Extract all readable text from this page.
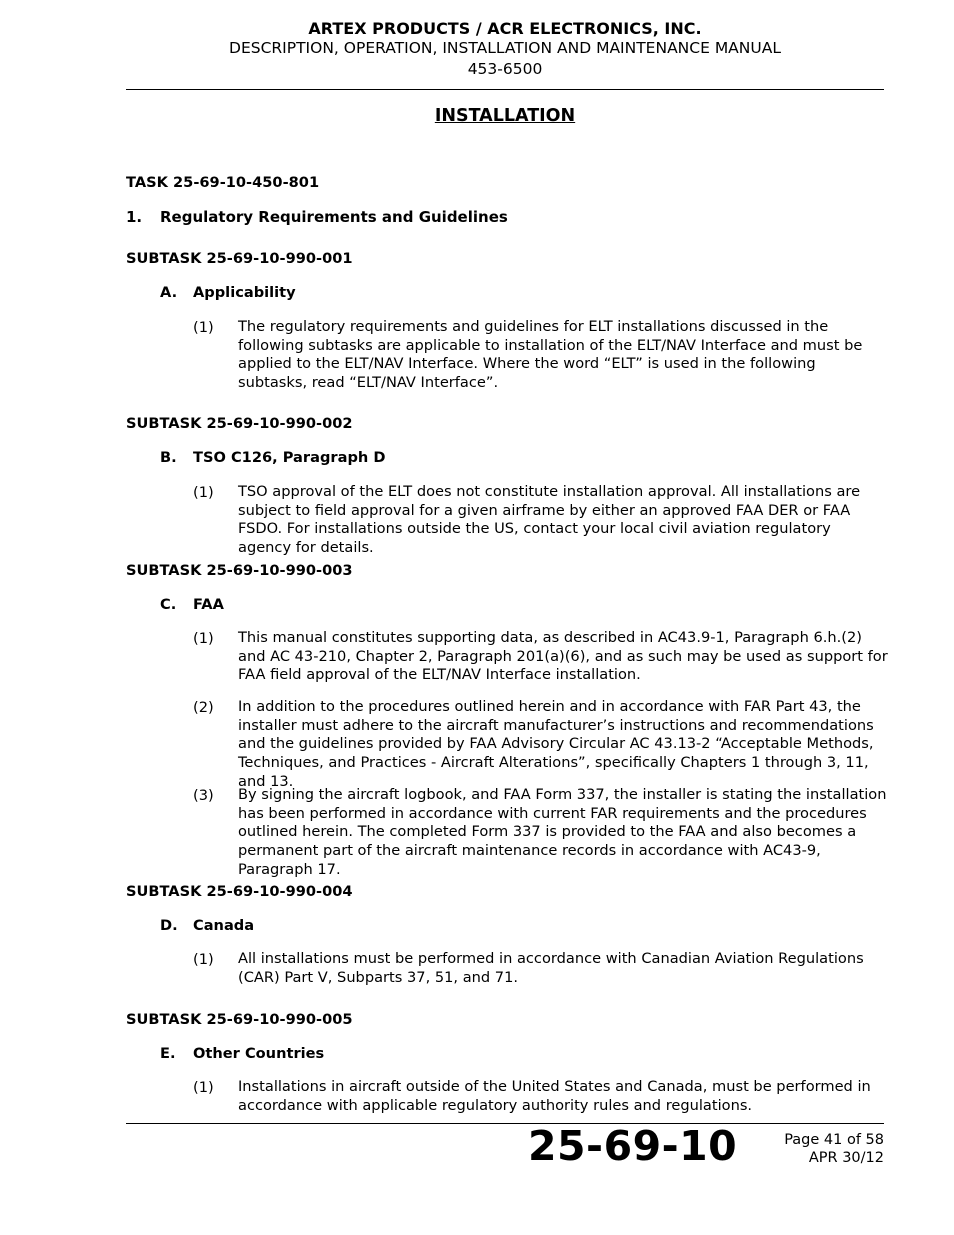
ARTEX PRODUCTS / ACR ELECTRONICS, INC.
DESCRIPTION, OPERATION, INSTALLATION AND MAINTENANCE MANUAL
453-6500
INSTALLATION
TASK 25-69-10-450-801
1. Regulatory Requirements and Guidelines
SUBTASK 25-69-10-990-001
A. Applicability
(1) The regulatory requirements and guidelines for ELT installations discussed in the following subtasks are applicable to installation of the ELT/NAV Interface and must be applied to the ELT/NAV Interface. Where the word “ELT” is used in the following subtasks, read “ELT/NAV Interface”.
SUBTASK 25-69-10-990-002
B. TSO C126, Paragraph D
(1) TSO approval of the ELT does not constitute installation approval. All installations are subject to field approval for a given airframe by either an approved FAA DER or FAA FSDO. For installations outside the US, contact your local civil aviation regulatory agency for details.
SUBTASK 25-69-10-990-003
C. FAA
(1) This manual constitutes supporting data, as described in AC43.9-1, Paragraph 6.h.(2) and AC 43-210, Chapter 2, Paragraph 201(a)(6), and as such may be used as support for FAA field approval of the ELT/NAV Interface installation.
(2) In addition to the procedures outlined herein and in accordance with FAR Part 43, the installer must adhere to the aircraft manufacturer’s instructions and recommendations and the guidelines provided by FAA Advisory Circular AC 43.13-2 “Acceptable Methods, Techniques, and Practices - Aircraft Alterations”, specifically Chapters 1 through 3, 11, and 13.
(3) By signing the aircraft logbook, and FAA Form 337, the installer is stating the installation has been performed in accordance with current FAR requirements and the procedures outlined herein. The completed Form 337 is provided to the FAA and also becomes a permanent part of the aircraft maintenance records in accordance with AC43-9, Paragraph 17.
SUBTASK 25-69-10-990-004
D. Canada
(1) All installations must be performed in accordance with Canadian Aviation Regulations (CAR) Part V, Subparts 37, 51, and 71.
SUBTASK 25-69-10-990-005
E. Other Countries
(1) Installations in aircraft outside of the United States and Canada, must be performed in accordance with applicable regulatory authority rules and regulations.
25-69-10	Page 41 of 58
APR 30/12
